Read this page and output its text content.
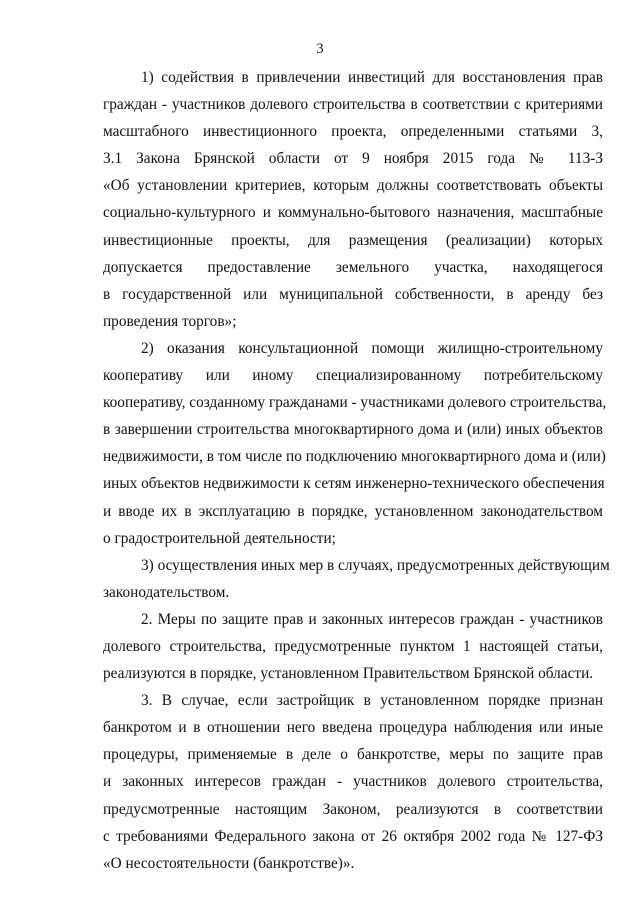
3
1) содействия в привлечении инвестиций для восстановления прав
граждан - участников долевого строительства в соответствии с критериями
масштабного инвестиционного проекта, определенными статьями 3,
3.1 Закона Брянской области от 9 ноября 2015 года № 113-З
«Об установлении критериев, которым должны соответствовать объекты
социально-культурного и коммунально-бытового назначения, масштабные
инвестиционные проекты, для размещения (реализации) которых
допускается предоставление земельного участка, находящегося
в государственной или муниципальной собственности, в аренду без
проведения торгов»;
2) оказания консультационной помощи жилищно-строительному
кооперативу или иному специализированному потребительскому
кооперативу, созданному гражданами - участниками долевого строительства,
в завершении строительства многоквартирного дома и (или) иных объектов
недвижимости, в том числе по подключению многоквартирного дома и (или)
иных объектов недвижимости к сетям инженерно-технического обеспечения
и вводе их в эксплуатацию в порядке, установленном законодательством
о градостроительной деятельности;
3) осуществления иных мер в случаях, предусмотренных действующим
законодательством.
2. Меры по защите прав и законных интересов граждан - участников
долевого строительства, предусмотренные пунктом 1 настоящей статьи,
реализуются в порядке, установленном Правительством Брянской области.
3. В случае, если застройщик в установленном порядке признан
банкротом и в отношении него введена процедура наблюдения или иные
процедуры, применяемые в деле о банкротстве, меры по защите прав
и законных интересов граждан - участников долевого строительства,
предусмотренные настоящим Законом, реализуются в соответствии
с требованиями Федерального закона от 26 октября 2002 года № 127-ФЗ
«О несостоятельности (банкротстве)».
